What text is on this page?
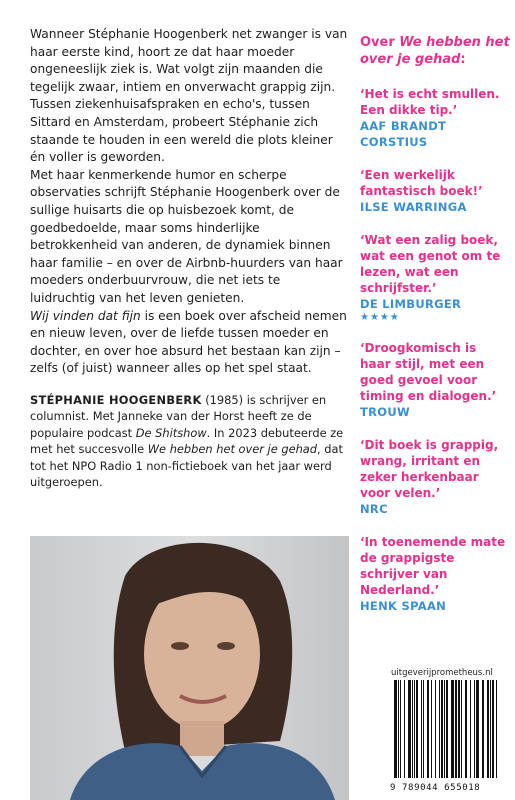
Wanneer Stéphanie Hoogenberk net zwanger is van haar eerste kind, hoort ze dat haar moeder ongeneeslijk ziek is. Wat volgt zijn maanden die tegelijk zwaar, intiem en onverwacht grappig zijn. Tussen ziekenhuisafspraken en echo's, tussen Sittard en Amsterdam, probeert Stéphanie zich staande te houden in een wereld die plots kleiner én voller is geworden.

Met haar kenmerkende humor en scherpe observaties schrijft Stéphanie Hoogenberk over de sullige huisarts die op huisbezoek komt, de goedbedoelde, maar soms hinderlijke betrokkenheid van anderen, de dynamiek binnen haar familie – en over de Airbnb-huurders van haar moeders onderbuurvrouw, die net iets te luidruchtig van het leven genieten.

Wij vinden dat fijn is een boek over afscheid nemen en nieuw leven, over de liefde tussen moeder en dochter, en over hoe absurd het bestaan kan zijn – zelfs (of juist) wanneer alles op het spel staat.

STÉPHANIE HOOGENBERK (1985) is schrijver en columnist. Met Janneke van der Horst heeft ze de populaire podcast De Shitshow. In 2023 debuteerde ze met het succesvolle We hebben het over je gehad, dat tot het NPO Radio 1 non-fictieboek van het jaar werd uitgeroepen.

Over We hebben het over je gehad:
‘Het is echt smullen. Een dikke tip.’
AAF BRANDT CORSTIUS
‘Een werkelijk fantastisch boek!’
ILSE WARRINGA
‘Wat een zalig boek, wat een genot om te lezen, wat een schrijfster.’
DE LIMBURGER
★★★★
‘Droogkomisch is haar stijl, met een goed gevoel voor timing en dialogen.’
TROUW
‘Dit boek is grappig, wrang, irritant en zeker herkenbaar voor velen.’
NRC
‘In toenemende mate de grappigste schrijver van Nederland.’
HENK SPAAN
uitgeverijprometheus.nl
9 789044 655018
